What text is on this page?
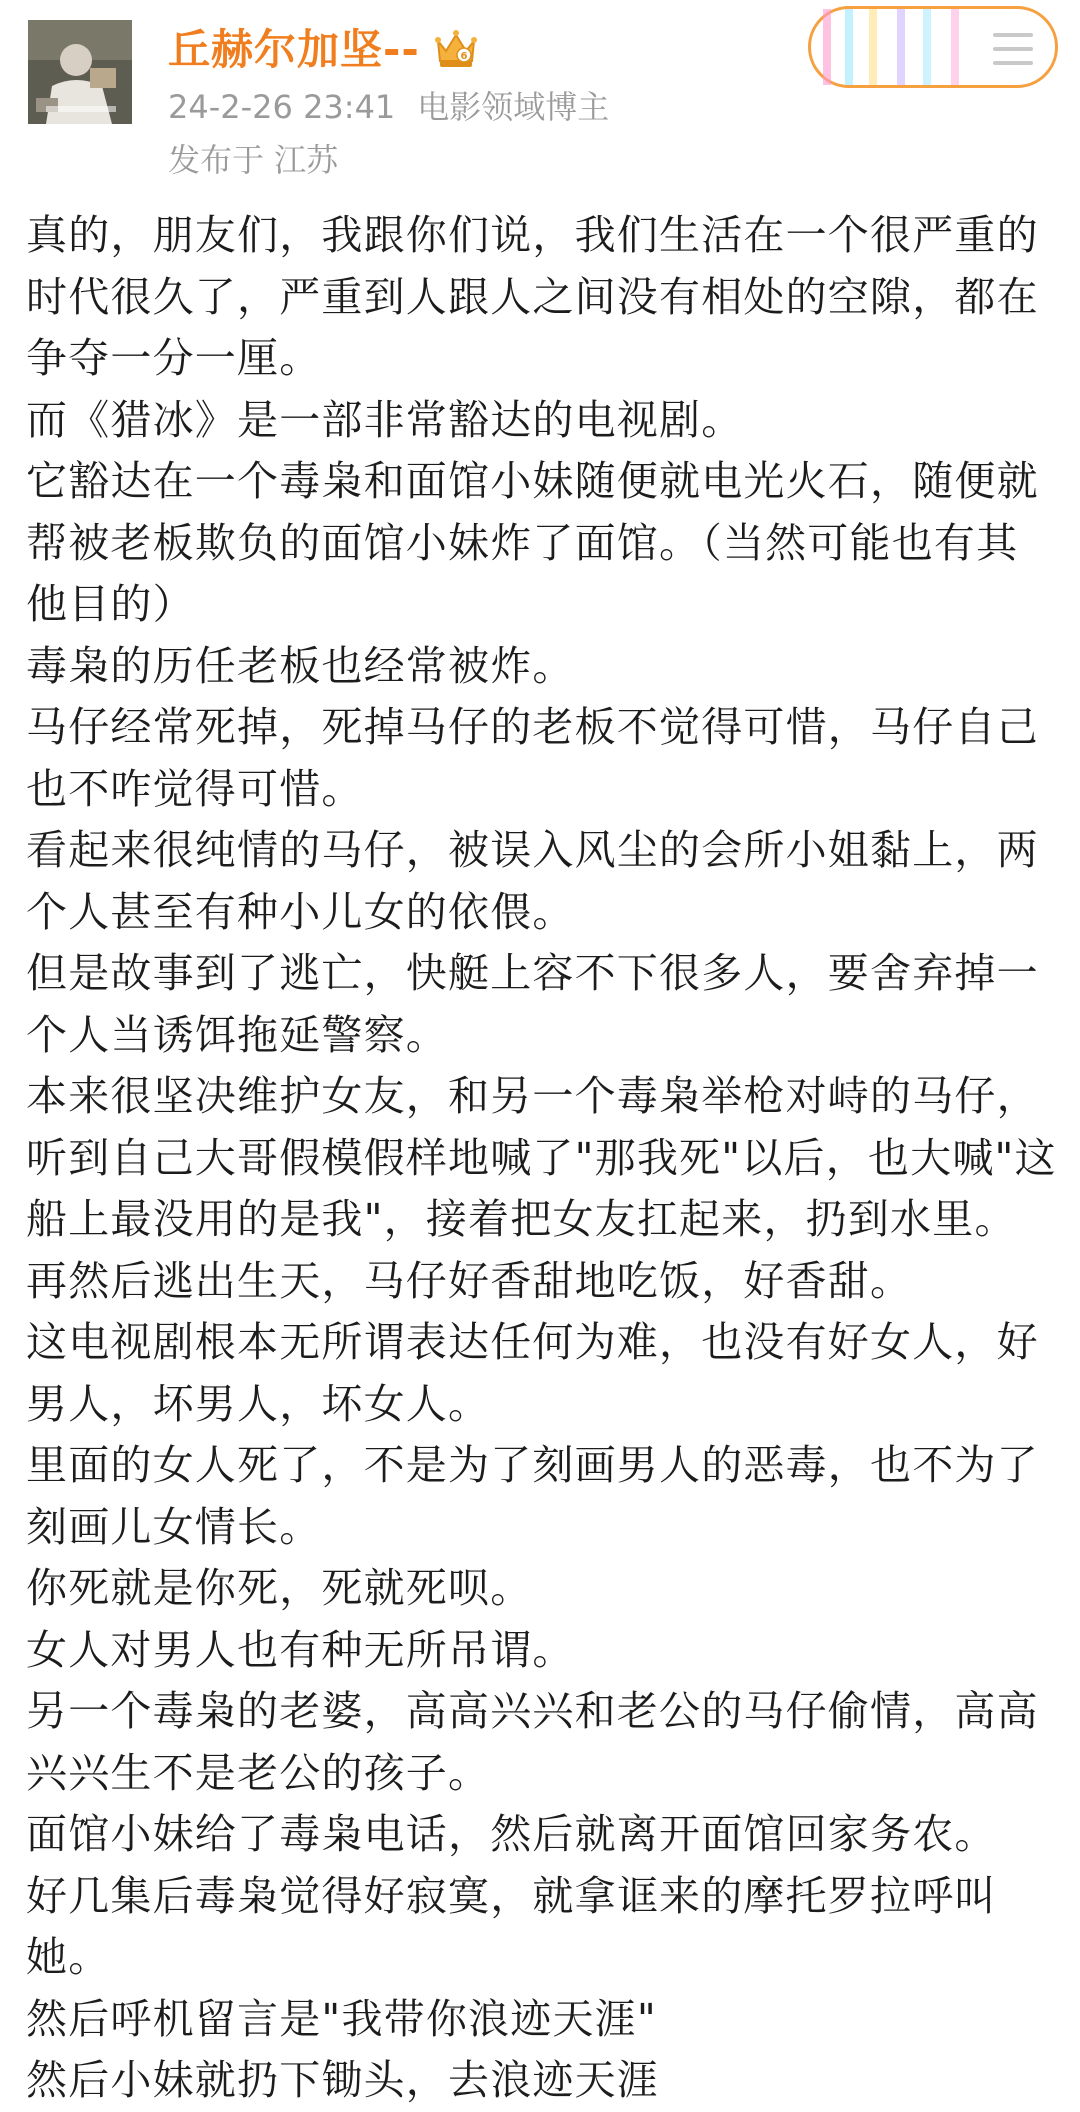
丘赫尔加坚--	6
24-2-26 23:41 电影领域博主
发布于 江苏

真的，朋友们，我跟你们说，我们生活在一个很严重的时代很久了，严重到人跟人之间没有相处的空隙，都在争夺一分一厘。

而《猎冰》是一部非常豁达的电视剧。

它豁达在一个毒枭和面馆小妹随便就电光火石，随便就帮被老板欺负的面馆小妹炸了面馆。（当然可能也有其他目的）

毒枭的历任老板也经常被炸。

马仔经常死掉，死掉马仔的老板不觉得可惜，马仔自己也不咋觉得可惜。

看起来很纯情的马仔，被误入风尘的会所小姐黏上，两个人甚至有种小儿女的依偎。

但是故事到了逃亡，快艇上容不下很多人，要舍弃掉一个人当诱饵拖延警察。

本来很坚决维护女友，和另一个毒枭举枪对峙的马仔，听到自己大哥假模假样地喊了"那我死"以后，也大喊"这船上最没用的是我"，接着把女友扛起来，扔到水里。

再然后逃出生天，马仔好香甜地吃饭，好香甜。

这电视剧根本无所谓表达任何为难，也没有好女人，好男人，坏男人，坏女人。

里面的女人死了，不是为了刻画男人的恶毒，也不为了刻画儿女情长。

你死就是你死，死就死呗。

女人对男人也有种无所吊谓。

另一个毒枭的老婆，高高兴兴和老公的马仔偷情，高高兴兴生不是老公的孩子。

面馆小妹给了毒枭电话，然后就离开面馆回家务农。

好几集后毒枭觉得好寂寞，就拿诓来的摩托罗拉呼叫她。

然后呼机留言是"我带你浪迹天涯"

然后小妹就扔下锄头，去浪迹天涯
